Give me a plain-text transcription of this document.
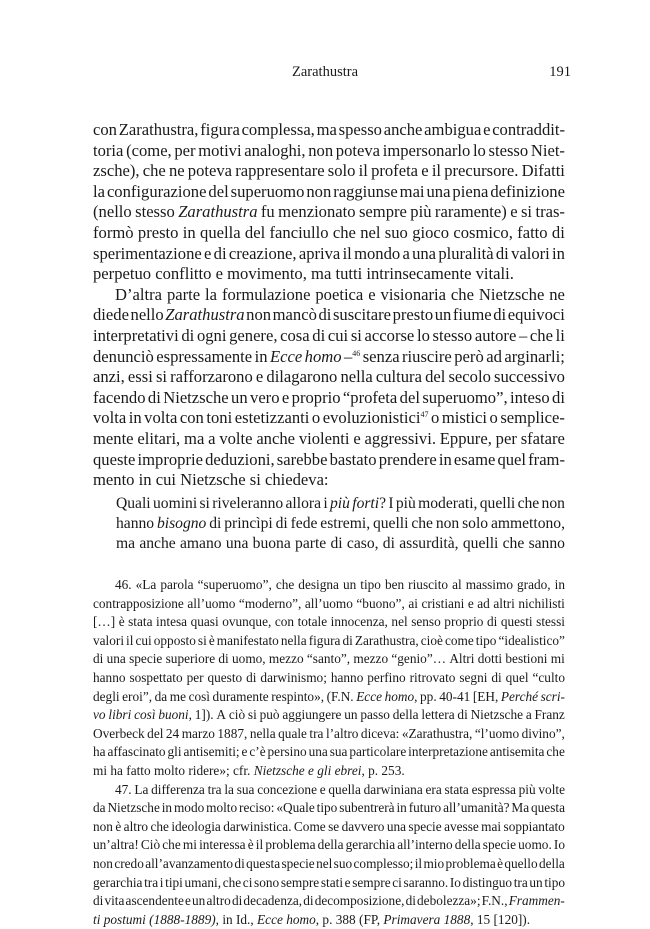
Zarathustra	191
con Zarathustra, figura complessa, ma spesso anche ambigua e contraddit-
toria (come, per motivi analoghi, non poteva impersonarlo lo stesso Niet-
zsche), che ne poteva rappresentare solo il profeta e il precursore. Difatti
la configurazione del superuomo non raggiunse mai una piena definizione
(nello stesso Zarathustra fu menzionato sempre più raramente) e si tras-
formò presto in quella del fanciullo che nel suo gioco cosmico, fatto di
sperimentazione e di creazione, apriva il mondo a una pluralità di valori in
perpetuo conflitto e movimento, ma tutti intrinsecamente vitali.
D’altra parte la formulazione poetica e visionaria che Nietzsche ne
diede nello Zarathustra non mancò di suscitare presto un fiume di equivoci
interpretativi di ogni genere, cosa di cui si accorse lo stesso autore – che li
denunciò espressamente in Ecce homo –$^{46}$ senza riuscire però ad arginarli;
anzi, essi si rafforzarono e dilagarono nella cultura del secolo successivo
facendo di Nietzsche un vero e proprio “profeta del superuomo”, inteso di
volta in volta con toni estetizzanti o evoluzionistici$^{47}$ o mistici o semplice-
mente elitari, ma a volte anche violenti e aggressivi. Eppure, per sfatare
queste improprie deduzioni, sarebbe bastato prendere in esame quel fram-
mento in cui Nietzsche si chiedeva:
Quali uomini si riveleranno allora i più forti? I più moderati, quelli che non
hanno bisogno di princìpi di fede estremi, quelli che non solo ammettono,
ma anche amano una buona parte di caso, di assurdità, quelli che sanno
46. «La parola “superuomo”, che designa un tipo ben riuscito al massimo grado, in
contrapposizione all’uomo “moderno”, all’uomo “buono”, ai cristiani e ad altri nichilisti
[…] è stata intesa quasi ovunque, con totale innocenza, nel senso proprio di questi stessi
valori il cui opposto si è manifestato nella figura di Zarathustra, cioè come tipo “idealistico”
di una specie superiore di uomo, mezzo “santo”, mezzo “genio”… Altri dotti bestioni mi
hanno sospettato per questo di darwinismo; hanno perfino ritrovato segni di quel “culto
degli eroi”, da me così duramente respinto», (F.N. Ecce homo, pp. 40-41 [EH, Perché scri-
vo libri così buoni, 1]). A ciò si può aggiungere un passo della lettera di Nietzsche a Franz
Overbeck del 24 marzo 1887, nella quale tra l’altro diceva: «Zarathustra, “l’uomo divino”,
ha affascinato gli antisemiti; e c’è persino una sua particolare interpretazione antisemita che
mi ha fatto molto ridere»; cfr. Nietzsche e gli ebrei, p. 253.
47. La differenza tra la sua concezione e quella darwiniana era stata espressa più volte
da Nietzsche in modo molto reciso: «Quale tipo subentrerà in futuro all’umanità? Ma questa
non è altro che ideologia darwinistica. Come se davvero una specie avesse mai soppiantato
un’altra! Ciò che mi interessa è il problema della gerarchia all’interno della specie uomo. Io
non credo all’avanzamento di questa specie nel suo complesso; il mio problema è quello della
gerarchia tra i tipi umani, che ci sono sempre stati e sempre ci saranno. Io distinguo tra un tipo
di vita ascendente e un altro di decadenza, di decomposizione, di debolezza»; F.N., Frammen-
ti postumi (1888-1889), in Id., Ecce homo, p. 388 (FP, Primavera 1888, 15 [120]).
